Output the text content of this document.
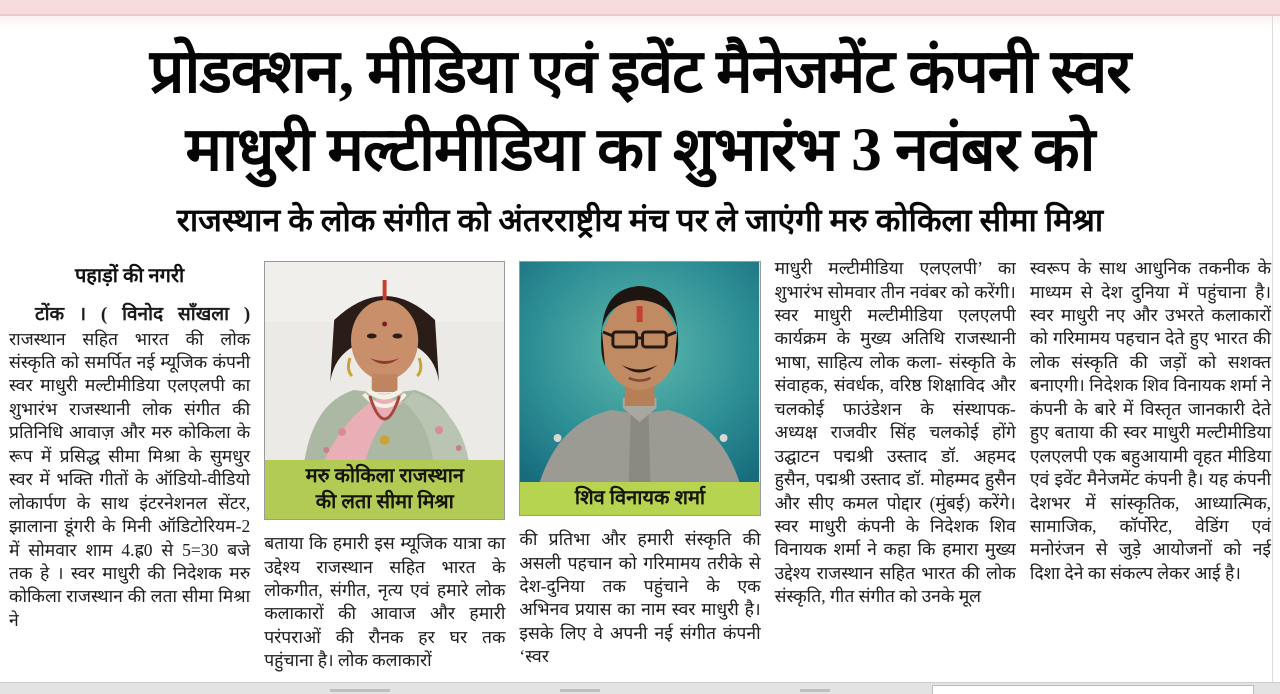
प्रोडक्शन, मीडिया एवं इवेंट मैनेजमेंट कंपनी स्वर
माधुरी मल्टीमीडिया का शुभारंभ 3 नवंबर को
राजस्थान के लोक संगीत को अंतरराष्ट्रीय मंच पर ले जाएंगी मरु कोकिला सीमा मिश्रा
पहाड़ों की नगरी

टोंक । ( विनोद साँखला ) राजस्थान सहित भारत की लोक संस्कृति को समर्पित नई म्यूजिक कंपनी स्वर माधुरी मल्टीमीडिया एलएलपी का शुभारंभ राजस्थानी लोक संगीत की प्रतिनिधि आवाज़ और मरु कोकिला के रूप में प्रसिद्ध सीमा मिश्रा के सुमधुर स्वर में भक्ति गीतों के ऑडियो-वीडियो लोकार्पण के साथ इंटरनेशनल सेंटर, झालाना डूंगरी के मिनी ऑडिटोरियम-2 में सोमवार शाम 4.ह्र0 से 5=30 बजे तक हे । स्वर माधुरी की निदेशक मरु कोकिला राजस्थान की लता सीमा मिश्रा ने

मरु कोकिला राजस्थान
की लता सीमा मिश्रा

बताया कि हमारी इस म्यूजिक यात्रा का उद्देश्य राजस्थान सहित भारत के लोकगीत, संगीत, नृत्य एवं हमारे लोक कलाकारों की आवाज और हमारी परंपराओं की रौनक हर घर तक पहुंचाना है। लोक कलाकारों

शिव विनायक शर्मा

की प्रतिभा और हमारी संस्कृति की असली पहचान को गरिमामय तरीके से देश-दुनिया तक पहुंचाने के एक अभिनव प्रयास का नाम स्वर माधुरी है। इसके लिए वे अपनी नई संगीत कंपनी ‘स्वर

माधुरी मल्टीमीडिया एलएलपी’ का शुभारंभ सोमवार तीन नवंबर को करेंगी। स्वर माधुरी मल्टीमीडिया एलएलपी कार्यक्रम के मुख्य अतिथि राजस्थानी भाषा, साहित्य लोक कला- संस्कृति के संवाहक, संवर्धक, वरिष्ठ शिक्षाविद और चलकोई फाउंडेशन के संस्थापक- अध्यक्ष राजवीर सिंह चलकोई होंगे उद्घाटन पद्मश्री उस्ताद डॉ. अहमद हुसैन, पद्मश्री उस्ताद डॉ. मोहम्मद हुसैन और सीए कमल पोद्दार (मुंबई) करेंगे। स्वर माधुरी कंपनी के निदेशक शिव विनायक शर्मा ने कहा कि हमारा मुख्य उद्देश्य राजस्थान सहित भारत की लोक संस्कृति, गीत संगीत को उनके मूल

स्वरूप के साथ आधुनिक तकनीक के माध्यम से देश दुनिया में पहुंचाना है। स्वर माधुरी नए और उभरते कलाकारों को गरिमामय पहचान देते हुए भारत की लोक संस्कृति की जड़ों को सशक्त बनाएगी। निदेशक शिव विनायक शर्मा ने कंपनी के बारे में विस्तृत जानकारी देते हुए बताया की स्वर माधुरी मल्टीमीडिया एलएलपी एक बहुआयामी वृहत मीडिया एवं इवेंट मैनेजमेंट कंपनी है। यह कंपनी देशभर में सांस्कृतिक, आध्यात्मिक, सामाजिक, कॉर्पोरेट, वेडिंग एवं मनोरंजन से जुड़े आयोजनों को नई दिशा देने का संकल्प लेकर आई है।
